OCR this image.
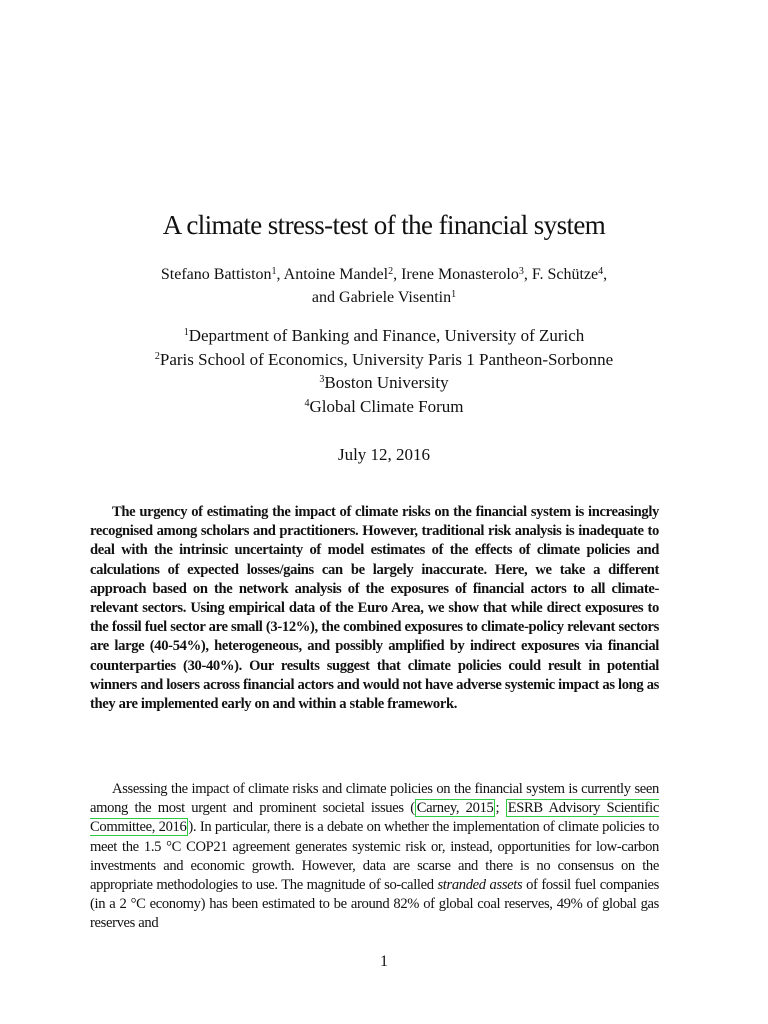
A climate stress-test of the financial system
Stefano Battiston$^1$, Antoine Mandel$^2$, Irene Monasterolo$^3$, F. Schütze$^4$,
and Gabriele Visentin$^1$
$^1$Department of Banking and Finance, University of Zurich
$^2$Paris School of Economics, University Paris 1 Pantheon-Sorbonne
$^3$Boston University
$^4$Global Climate Forum
July 12, 2016
The urgency of estimating the impact of climate risks on the financial system is increasingly recognised among scholars and practitioners. However, traditional risk analysis is inadequate to deal with the intrinsic uncertainty of model estimates of the effects of climate policies and calculations of expected losses/gains can be largely inaccurate. Here, we take a different approach based on the network analysis of the exposures of financial actors to all climate-relevant sectors. Using empirical data of the Euro Area, we show that while direct exposures to the fossil fuel sector are small (3-12%), the combined exposures to climate-policy relevant sectors are large (40-54%), heterogeneous, and possibly amplified by indirect exposures via financial counterparties (30-40%). Our results suggest that climate policies could result in potential winners and losers across financial actors and would not have adverse systemic impact as long as they are implemented early on and within a stable framework.
Assessing the impact of climate risks and climate policies on the financial system is currently seen among the most urgent and prominent societal issues ( Carney, 2015 ; ESRB Advisory Scientific Committee, 2016 ). In particular, there is a debate on whether the implementation of climate policies to meet the 1.5 °C COP21 agreement generates systemic risk or, instead, opportunities for low-carbon investments and economic growth. However, data are scarse and there is no consensus on the appropriate methodologies to use. The magnitude of so-called stranded assets of fossil fuel companies (in a 2 °C economy) has been estimated to be around 82% of global coal reserves, 49% of global gas reserves and
1
